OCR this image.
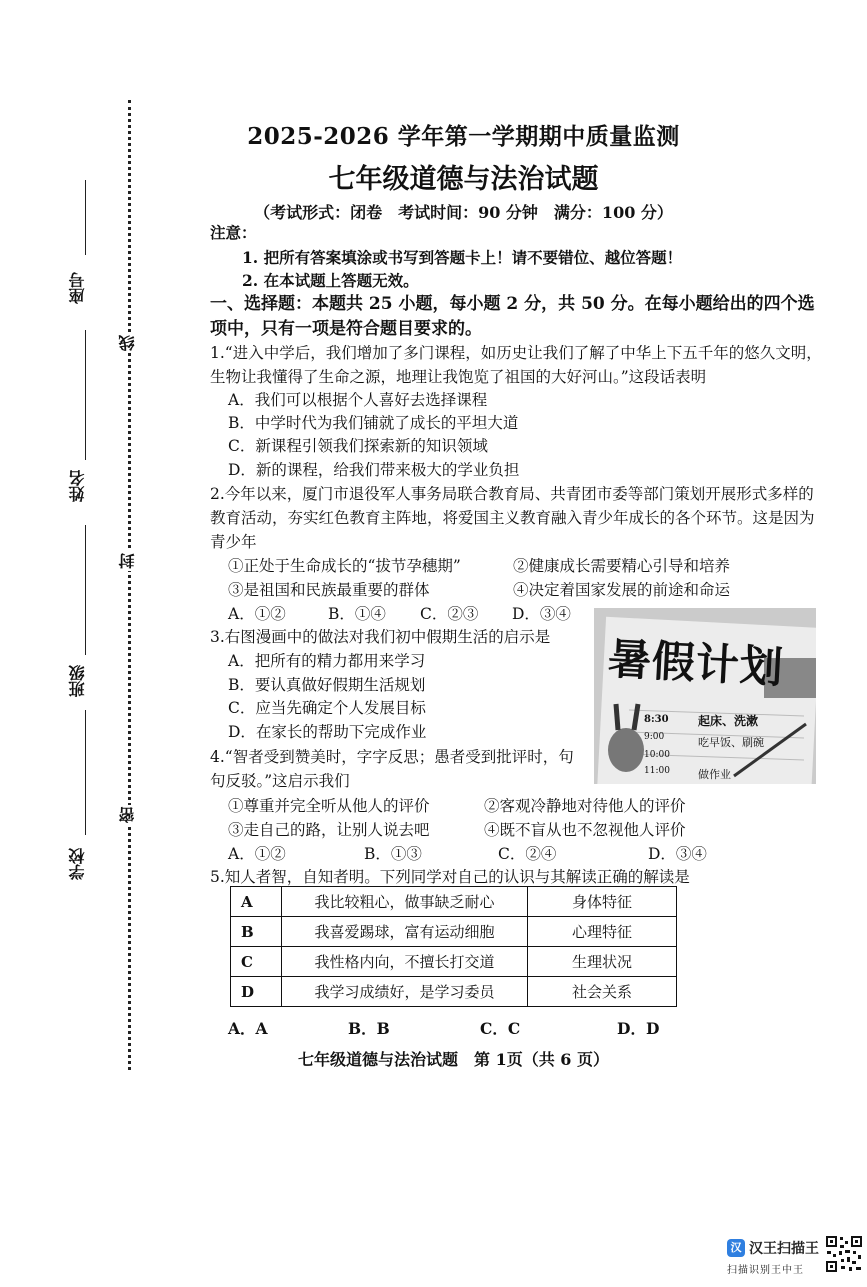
座号
姓名
班级
学校
线
封
密
2025-2026 学年第一学期期中质量监测
七年级道德与法治试题
（考试形式：闭卷　考试时间：90 分钟　满分：100 分）
注意：
1. 把所有答案填涂或书写到答题卡上！请不要错位、越位答题！
2. 在本试题上答题无效。
一、选择题：本题共 25 小题，每小题 2 分，共 50 分。在每小题给出的四个选
项中，只有一项是符合题目要求的。
1.“进入中学后，我们增加了多门课程，如历史让我们了解了中华上下五千年的悠久文明，
生物让我懂得了生命之源，地理让我饱览了祖国的大好河山。”这段话表明
A．我们可以根据个人喜好去选择课程
B．中学时代为我们铺就了成长的平坦大道
C．新课程引领我们探索新的知识领域
D．新的课程，给我们带来极大的学业负担
2.今年以来，厦门市退役军人事务局联合教育局、共青团市委等部门策划开展形式多样的
教育活动，夯实红色教育主阵地，将爱国主义教育融入青少年成长的各个环节。这是因为
青少年
①正处于生命成长的“拔节孕穗期”	②健康成长需要精心引导和培养
③是祖国和民族最重要的群体	④决定着国家发展的前途和命运
A．①②	B．①④ C．②③ D．③④
3.右图漫画中的做法对我们初中假期生活的启示是
A．把所有的精力都用来学习
B．要认真做好假期生活规划
C．应当先确定个人发展目标
D．在家长的帮助下完成作业
暑假计划
8:30 起床、洗漱
9:00	吃早饭、刷碗
10:00
11:00	做作业
4.“智者受到赞美时，字字反思；愚者受到批评时，句
句反驳。”这启示我们
①尊重并完全听从他人的评价	②客观冷静地对待他人的评价
③走自己的路，让别人说去吧	④既不盲从也不忽视他人评价
A．①②	B．①③	C．②④	D．③④
5.知人者智，自知者明。下列同学对自己的认识与其解读正确的解读是
A	我比较粗心，做事缺乏耐心	身体特征
B	我喜爱踢球，富有运动细胞	心理特征
C	我性格内向，不擅长打交道	生理状况
D	我学习成绩好，是学习委员	社会关系
A．A	B．B	C．C	D．D
七年级道德与法治试题　第 1页（共 6 页）
汉 汉王扫描王
扫描识别王中王
